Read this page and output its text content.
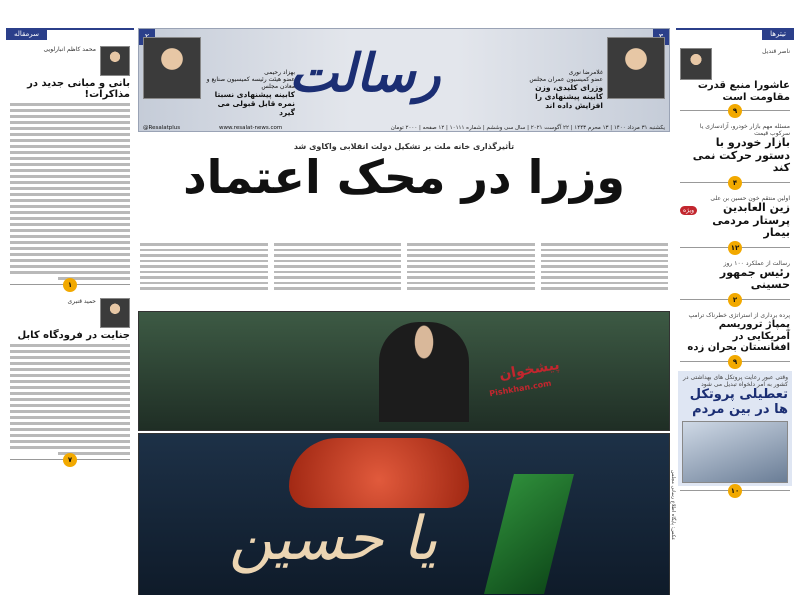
سرمقاله
محمد کاظم انبارلویی
بانی و مبانی جدید در مذاکرات!
۱
حمید قنبری
جنایت در فرودگاه کابل
۷
بهزاد رحیمی
عضو هیئت رئیسه کمیسیون صنایع و معادن مجلس
کابینه پیشنهادی نسبتا نمره قابل قبولی می گیرد
رسالت	غلامرضا نوری
عضو کمیسیون عمران مجلس
وزرای کلیدی، وزن کابینه پیشنهادی را افزایش داده اند
یکشنبه ۳۱ مرداد ۱۴۰۰ | ۱۳ محرم ۱۴۴۳ | ۲۲ آگوست ۲۰۲۱ | سال سی وششم | شماره ۱۰۱۱۱ | ۱۲ صفحه | ۲۰۰۰ تومان
@Resalatplus	www.resalat-news.com
تأثیرگذاری خانه ملت بر تشکیل دولت انقلابی واکاوی شد
وزرا در محک اعتماد
پیشخوان
Pishkhan.com
یا حسین	عکس: پایگاه اطلاع رسانی مجلس
تیترها
ناصر قندیل
عاشورا منبع قدرت مقاومت است
۹
مسئله مهم بازار خودرو، آزادسازی یا سرکوب قیمت
بازار خودرو با دستور حرکت نمی کند
۴
اولین منتقم خون حسین بن علی
ویژه	زین العابدین پرستار مردمی بیمار
۱۲
رسالت از عملکرد ۱۰۰ روز
رئیس جمهور حسینی
۲
پرده برداری از استراتژی خطرناک ترامپ
پمپاژ تروریسم آمریکایی در افغانستان بحران زده
۹
وقتی عبور رعایت پروتکل های بهداشتی در کشور به امر دلخواه تبدیل می شود
تعطیلی پروتکل ها در بین مردم
۱۰
